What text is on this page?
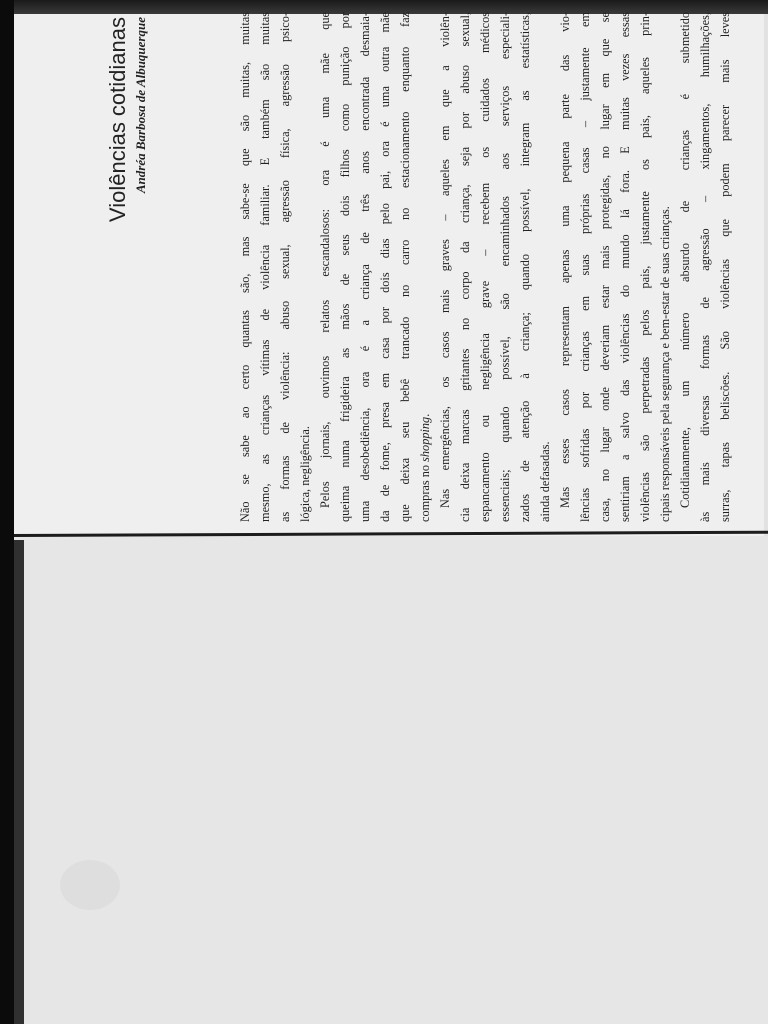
Violências cotidianas Andréa Barbosa de Albuquerque	Não se sabe ao certo quantas são, mas sabe-se que são muitas, muitas mesmo, as crianças vítimas de violência familiar. E também são muitas as formas de violência: abuso sexual, agressão física, agressão psico- lógica, negligência. Pelos jornais, ouvimos relatos escandalosos: ora é uma mãe que queima numa frigideira as mãos de seus dois filhos como punição por uma desobediência, ora é a criança de três anos encontrada desmaia- da de fome, presa em casa por dois dias pelo pai, ora é uma outra mãe que deixa seu bebê trancado no carro no estacionamento enquanto faz compras no shopping. Nas emergências, os casos mais graves – aqueles em que a violên- cia deixa marcas gritantes no corpo da criança, seja por abuso sexual, espancamento ou negligência grave – recebem os cuidados médicos essenciais; quando possível, são encaminhados aos serviços especiali- zados de atenção à criança; quando possível, integram as estatísticas, ainda defasadas. Mas esses casos representam apenas uma pequena parte das vio- lências sofridas por crianças em suas próprias casas – justamente em casa, no lugar onde deveriam estar mais protegidas, no lugar em que se sentiriam a salvo das violências do mundo lá fora. E muitas vezes essas violências são perpetradas pelos pais, justamente os pais, aqueles prin- cipais responsáveis pela segurança e bem-estar de suas crianças. Cotidianamente, um número absurdo de crianças é submetido às mais diversas formas de agressão – xingamentos, humilhações, surras, tapas beliscões. São violências que podem parecer mais leves
